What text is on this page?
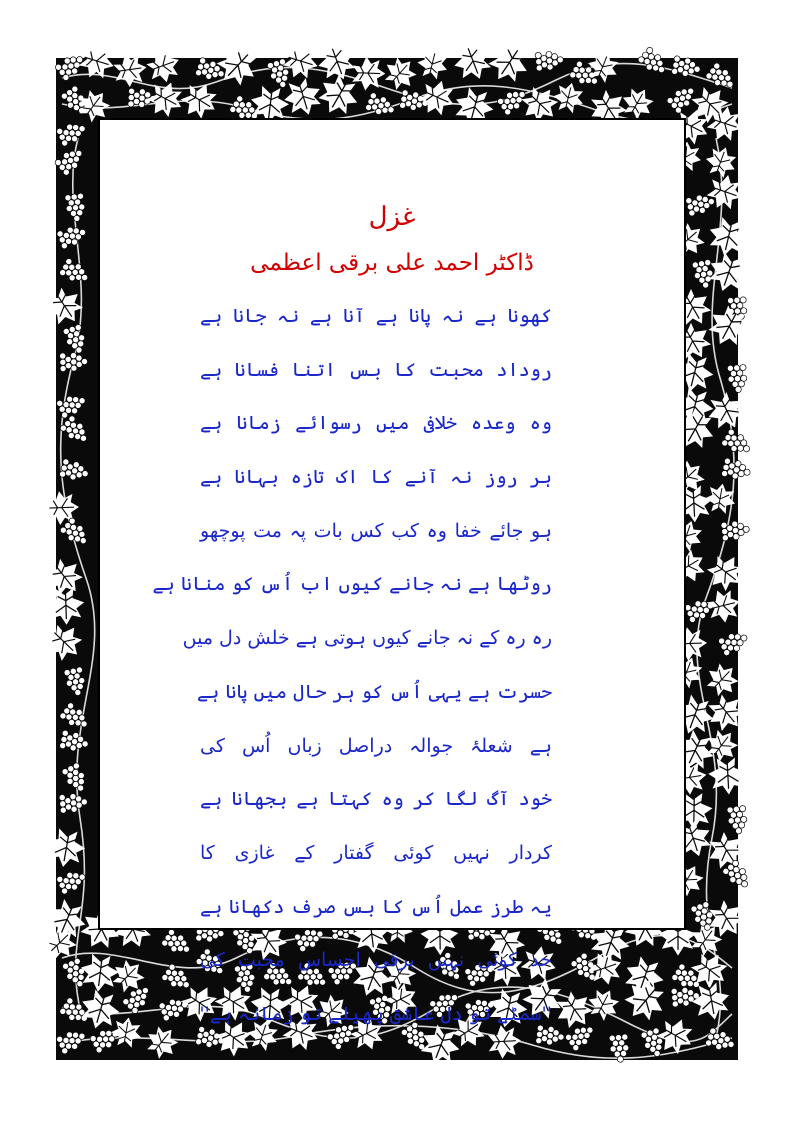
غزل
ڈاکٹر احمد علی برقی اعظمی
کھونا ہے نہ پانا ہے آنا ہے نہ جانا ہے
روداد محبت کا بس اتنا فسانا ہے
وہ وعدہ خلافی میں رسوائے زمانا ہے
ہر روز نہ آنے کا اک تازہ بہانا ہے
ہو جائے خفا وہ کب کس بات پہ مت پوچھو
روٹھا ہے نہ جانے کیوں اب اُس کو منانا ہے
رہ رہ کے نہ جانے کیوں ہوتی ہے خلش دل میں
حسرت ہے یہی اُس کو ہر حال میں پانا ہے
ہے شعلۂ جوالہ دراصل زباں اُس کی
خود آگ لگا کر وہ کہتا ہے بجھانا ہے
کردار نہیں کوئی گفتار کے غازی کا
یہ طرز عمل اُس کا بس صرف دکھانا ہے
حد کوئی نہیں برقی احساس محبت کی
''سمٹے تو دل عاشق پھیلے تو زمانہ ہے''
